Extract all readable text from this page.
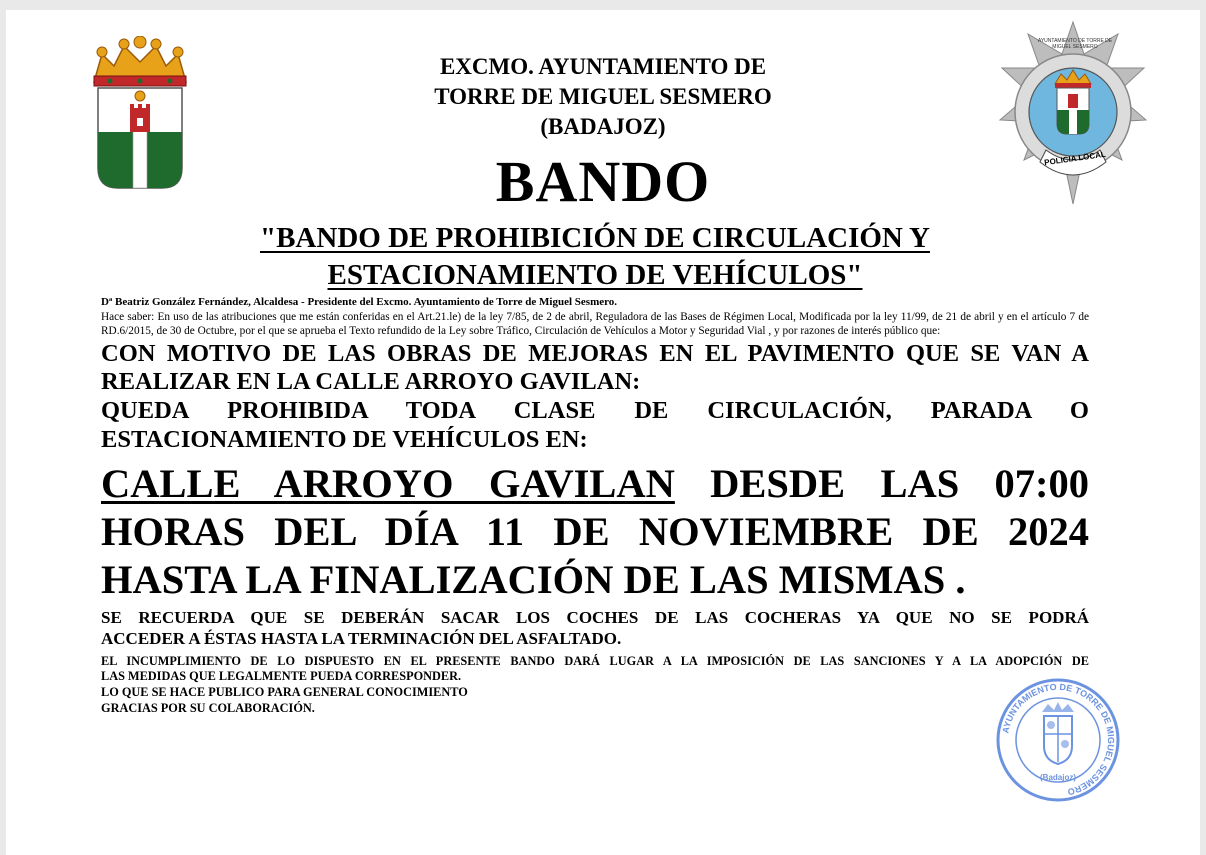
EXCMO. AYUNTAMIENTO DE
TORRE DE MIGUEL SESMERO
(BADAJOZ)
POLICIA LOCAL
AYUNTAMIENTO DE TORRE DE MIGUEL SESMERO
BANDO
"BANDO DE PROHIBICIÓN DE CIRCULACIÓN Y
ESTACIONAMIENTO DE VEHÍCULOS"
Dª Beatriz González Fernández, Alcaldesa - Presidente del Excmo. Ayuntamiento de Torre de Miguel Sesmero.
Hace saber: En uso de las atribuciones que me están conferidas en el Art.21.le) de la ley 7/85, de 2 de abril, Reguladora de las Bases de Régimen Local, Modificada por la ley 11/99, de 21 de abril y en el artículo 7 de RD.6/2015, de 30 de Octubre, por el que se aprueba el Texto refundido de la Ley sobre Tráfico, Circulación de Vehículos a Motor y Seguridad Vial , y por razones de interés público que:
CON MOTIVO DE LAS OBRAS DE MEJORAS EN EL PAVIMENTO QUE SE VAN A
REALIZAR EN LA CALLE ARROYO GAVILAN:
QUEDA PROHIBIDA TODA CLASE DE CIRCULACIÓN, PARADA O
ESTACIONAMIENTO DE VEHÍCULOS EN:
CALLE ARROYO GAVILAN DESDE LAS 07:00
HORAS DEL DÍA 11 DE NOVIEMBRE DE 2024
HASTA LA FINALIZACIÓN DE LAS MISMAS .
SE RECUERDA QUE SE DEBERÁN SACAR LOS COCHES DE LAS COCHERAS YA QUE NO SE PODRÁ
ACCEDER A ÉSTAS HASTA LA TERMINACIÓN DEL ASFALTADO.
EL INCUMPLIMIENTO DE LO DISPUESTO EN EL PRESENTE BANDO DARÁ LUGAR A LA IMPOSICIÓN DE LAS SANCIONES Y A LA ADOPCIÓN DE
LAS MEDIDAS QUE LEGALMENTE PUEDA CORRESPONDER.
LO QUE SE HACE PUBLICO PARA GENERAL CONOCIMIENTO
GRACIAS POR SU COLABORACIÓN.
AYUNTAMIENTO DE TORRE DE MIGUEL SESMERO
(Badajoz)
